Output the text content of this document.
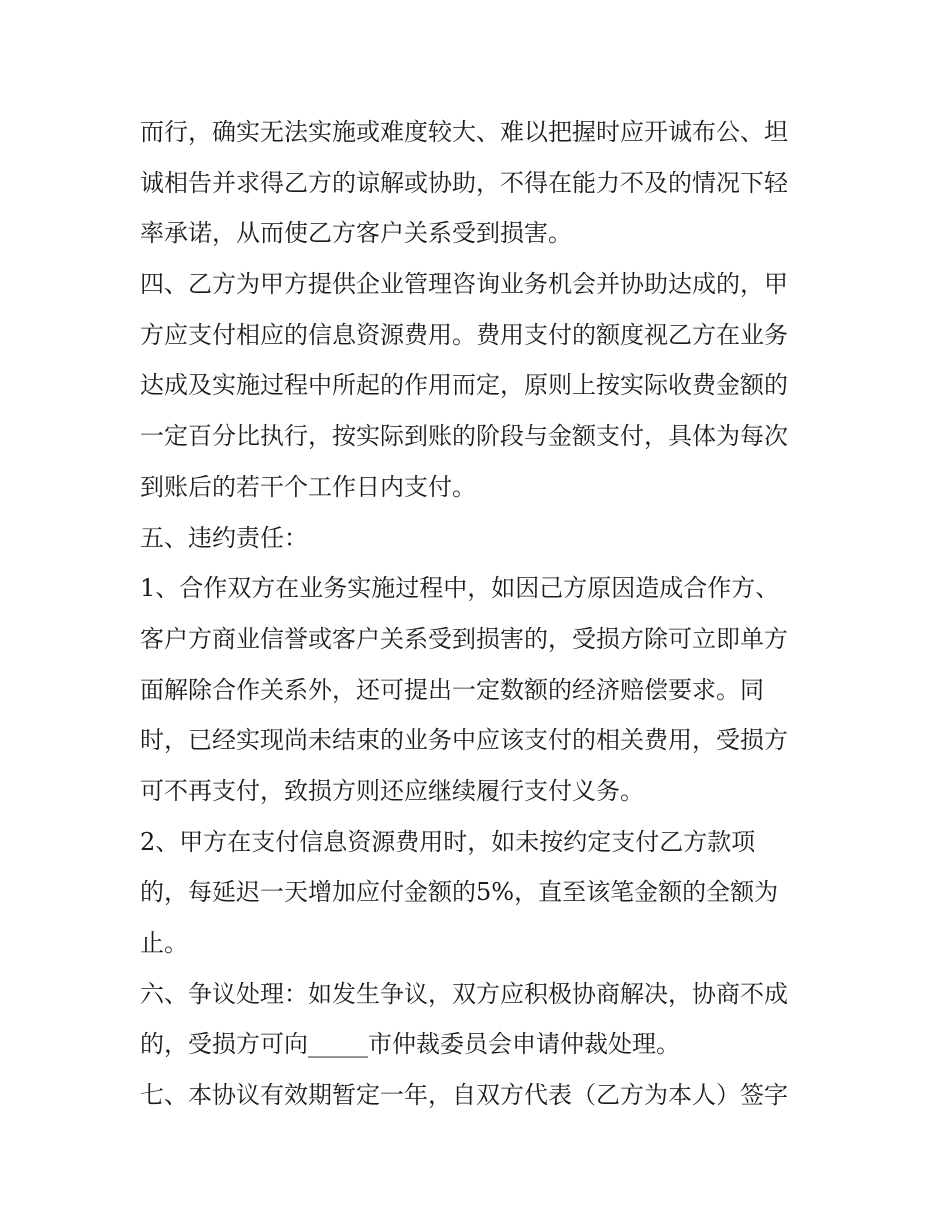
而行，确实无法实施或难度较大、难以把握时应开诚布公、坦
诚相告并求得乙方的谅解或协助，不得在能力不及的情况下轻
率承诺，从而使乙方客户关系受到损害。
四、乙方为甲方提供企业管理咨询业务机会并协助达成的，甲
方应支付相应的信息资源费用。费用支付的额度视乙方在业务
达成及实施过程中所起的作用而定，原则上按实际收费金额的
一定百分比执行，按实际到账的阶段与金额支付，具体为每次
到账后的若干个工作日内支付。
五、违约责任：
1、合作双方在业务实施过程中，如因己方原因造成合作方、
客户方商业信誉或客户关系受到损害的，受损方除可立即单方
面解除合作关系外，还可提出一定数额的经济赔偿要求。同
时，已经实现尚未结束的业务中应该支付的相关费用，受损方
可不再支付，致损方则还应继续履行支付义务。
2、甲方在支付信息资源费用时，如未按约定支付乙方款项
的，每延迟一天增加应付金额的5%，直至该笔金额的全额为
止。
六、争议处理：如发生争议，双方应积极协商解决，协商不成
的，受损方可向_____市仲裁委员会申请仲裁处理。
七、本协议有效期暂定一年，自双方代表（乙方为本人）签字
